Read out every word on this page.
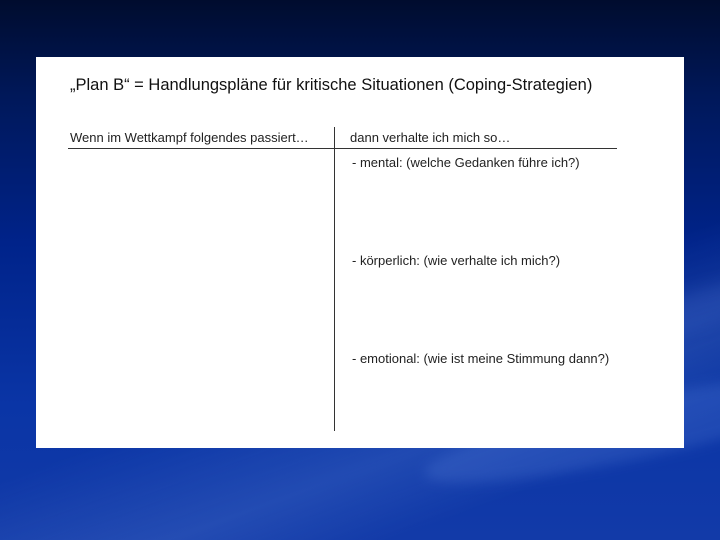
„Plan B“ = Handlungspläne für kritische Situationen (Coping-Strategien)
Wenn im Wettkampf folgendes passiert…	dann verhalte ich mich so…
- mental: (welche Gedanken führe ich?)
- körperlich: (wie verhalte ich mich?)
- emotional: (wie ist meine Stimmung dann?)
